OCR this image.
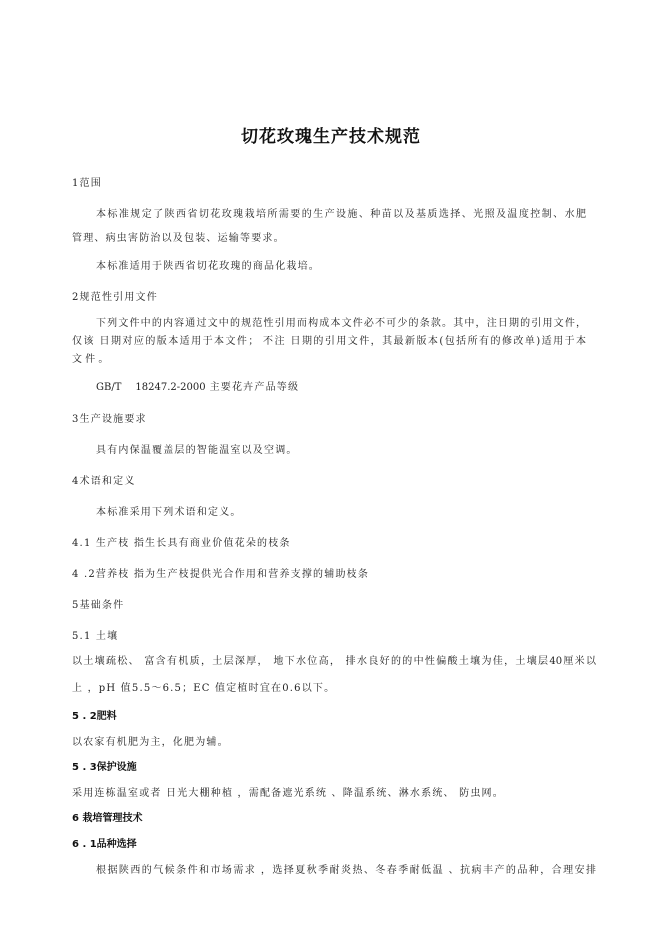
切花玫瑰生产技术规范
1范围
本标准规定了陕西省切花玫瑰栽培所需要的生产设施、种苗以及基质选择、光照及温度控制、水肥
管理、病虫害防治以及包装、运输等要求。
本标准适用于陕西省切花玫瑰的商品化栽培。
2规范性引用文件
下列文件中的内容通过文中的规范性引用而构成本文件必不可少的条款。其中，注日期的引用文件，
仅该 日期对应的版本适用于本文件； 不注 日期的引用文件，其最新版本(包括所有的修改单)适用于本
文 件 。
GB/T 18247.2-2000 主要花卉产品等级
3生产设施要求
具有内保温覆盖层的智能温室以及空调。
4术语和定义
本标准采用下列术语和定义。
4.1 生产枝 指生长具有商业价值花朵的枝条
4 .2营养枝 指为生产枝提供光合作用和营养支撑的辅助枝条
5基础条件
5.1 土壤
以土壤疏松、 富含有机质，土层深厚， 地下水位高， 排水良好的的中性偏酸土壤为佳，土壤层40厘米以
上 ，pH 值5.5～6.5；EC 值定植时宜在0.6以下。
5 . 2肥料
以农家有机肥为主，化肥为辅。
5 . 3保护设施
采用连栋温室或者 日光大棚种植 ，需配备遮光系统 、降温系统、淋水系统、 防虫网。
6 栽培管理技术
6 . 1品种选择
根据陕西的气候条件和市场需求 ，选择夏秋季耐炎热、冬春季耐低温 、抗病丰产的品种，合理安排
